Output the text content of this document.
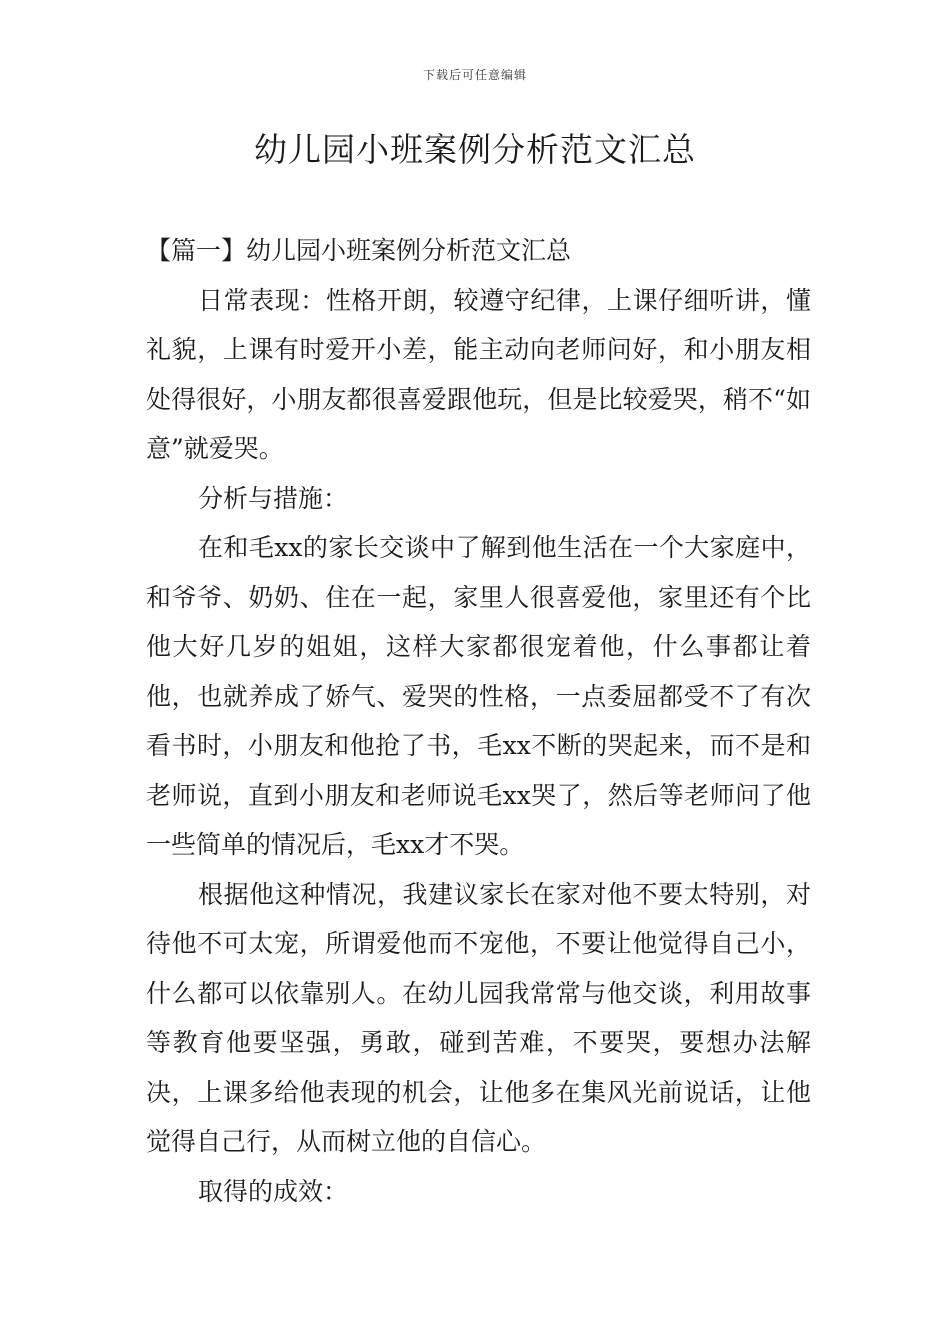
下载后可任意编辑
幼儿园小班案例分析范文汇总

【篇一】幼儿园小班案例分析范文汇总

日常表现：性格开朗，较遵守纪律，上课仔细听讲，懂礼貌，上课有时爱开小差，能主动向老师问好，和小朋友相处得很好，小朋友都很喜爱跟他玩，但是比较爱哭，稍不“如意”就爱哭。

分析与措施：

在和毛xx的家长交谈中了解到他生活在一个大家庭中，和爷爷、奶奶、住在一起，家里人很喜爱他，家里还有个比他大好几岁的姐姐，这样大家都很宠着他，什么事都让着他，也就养成了娇气、爱哭的性格，一点委屈都受不了有次看书时，小朋友和他抢了书，毛xx不断的哭起来，而不是和老师说，直到小朋友和老师说毛xx哭了，然后等老师问了他一些简单的情况后，毛xx才不哭。

根据他这种情况，我建议家长在家对他不要太特别，对待他不可太宠，所谓爱他而不宠他，不要让他觉得自己小，什么都可以依靠别人。在幼儿园我常常与他交谈，利用故事等教育他要坚强，勇敢，碰到苦难，不要哭，要想办法解决，上课多给他表现的机会，让他多在集风光前说话，让他觉得自己行，从而树立他的自信心。

取得的成效：
